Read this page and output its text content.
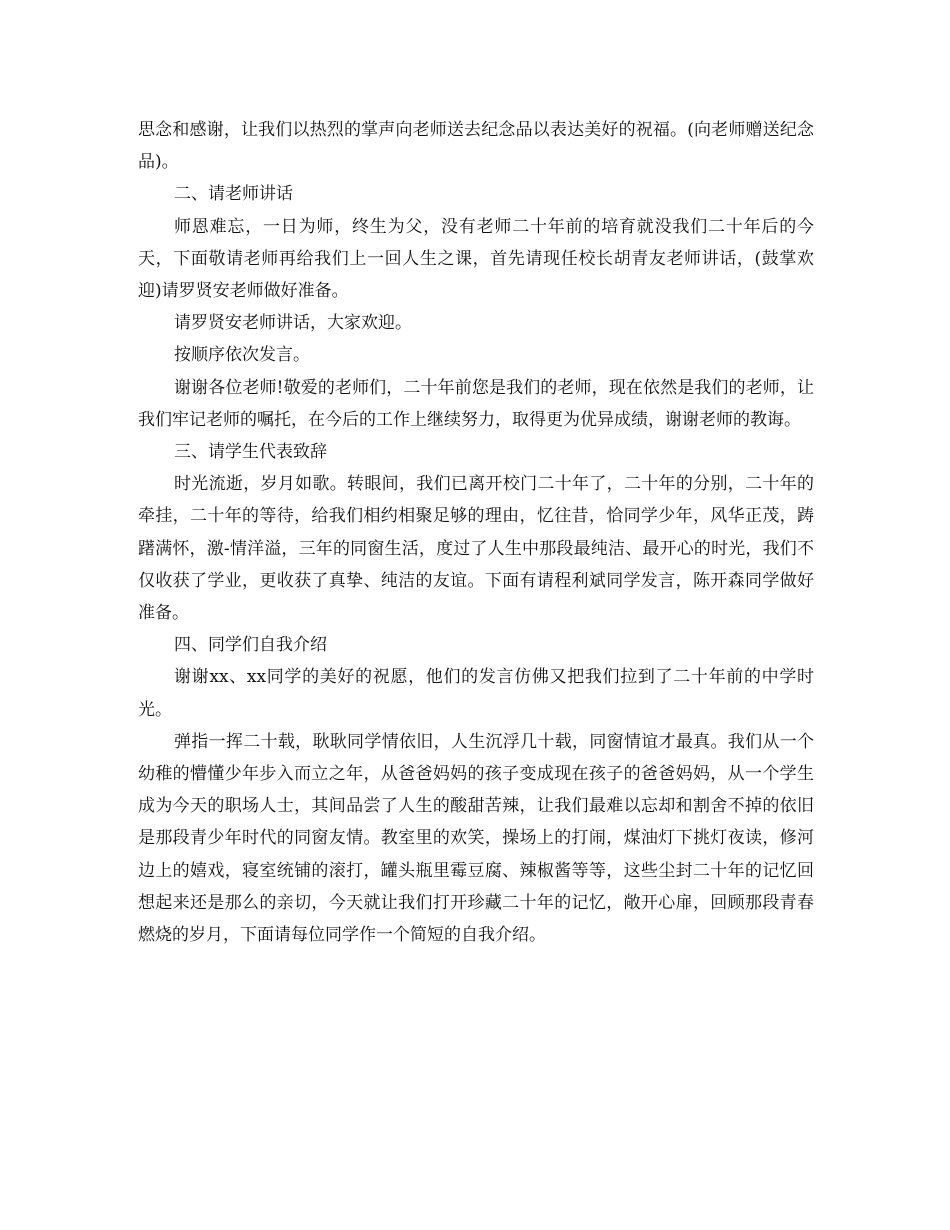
思念和感谢，让我们以热烈的掌声向老师送去纪念品以表达美好的祝福。(向老师赠送纪念品)。

二、请老师讲话

师恩难忘，一日为师，终生为父，没有老师二十年前的培育就没我们二十年后的今天，下面敬请老师再给我们上一回人生之课，首先请现任校长胡青友老师讲话，(鼓掌欢迎)请罗贤安老师做好准备。

请罗贤安老师讲话，大家欢迎。

按顺序依次发言。

谢谢各位老师!敬爱的老师们，二十年前您是我们的老师，现在依然是我们的老师，让我们牢记老师的嘱托，在今后的工作上继续努力，取得更为优异成绩，谢谢老师的教诲。

三、请学生代表致辞

时光流逝，岁月如歌。转眼间，我们已离开校门二十年了，二十年的分别，二十年的牵挂，二十年的等待，给我们相约相聚足够的理由，忆往昔，恰同学少年，风华正茂，踌躇满怀，激-情洋溢，三年的同窗生活，度过了人生中那段最纯洁、最开心的时光，我们不仅收获了学业，更收获了真挚、纯洁的友谊。下面有请程利斌同学发言，陈开森同学做好准备。

四、同学们自我介绍

谢谢xx、xx同学的美好的祝愿，他们的发言仿佛又把我们拉到了二十年前的中学时光。

弹指一挥二十载，耿耿同学情依旧，人生沉浮几十载，同窗情谊才最真。我们从一个幼稚的懵懂少年步入而立之年，从爸爸妈妈的孩子变成现在孩子的爸爸妈妈，从一个学生成为今天的职场人士，其间品尝了人生的酸甜苦辣，让我们最难以忘却和割舍不掉的依旧是那段青少年时代的同窗友情。教室里的欢笑，操场上的打闹，煤油灯下挑灯夜读，修河边上的嬉戏，寝室统铺的滚打，罐头瓶里霉豆腐、辣椒酱等等，这些尘封二十年的记忆回想起来还是那么的亲切，今天就让我们打开珍藏二十年的记忆，敞开心扉，回顾那段青春燃烧的岁月，下面请每位同学作一个简短的自我介绍。
